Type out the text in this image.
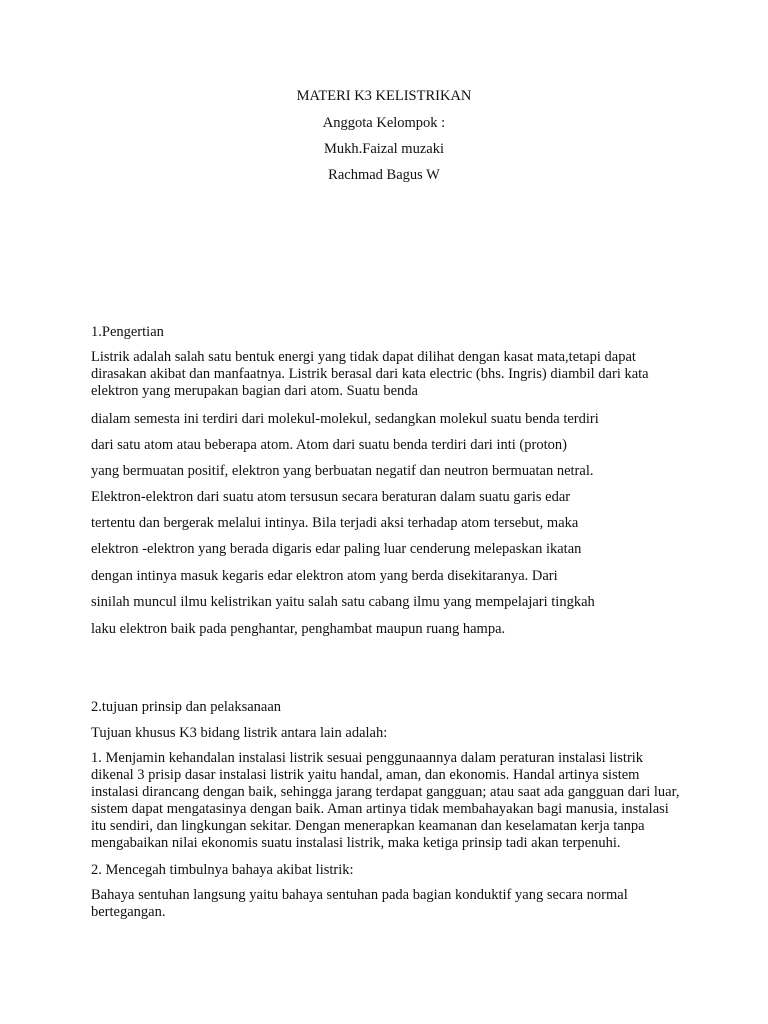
MATERI K3 KELISTRIKAN
Anggota Kelompok :
Mukh.Faizal muzaki
Rachmad Bagus W
1.Pengertian
Listrik adalah salah satu bentuk energi yang tidak dapat dilihat dengan kasat mata,tetapi dapat
dirasakan akibat dan manfaatnya. Listrik berasal dari kata electric (bhs. Ingris) diambil dari kata
elektron yang merupakan bagian dari atom. Suatu benda
dialam semesta ini terdiri dari molekul-molekul, sedangkan molekul suatu benda terdiri
dari satu atom atau beberapa atom. Atom dari suatu benda terdiri dari inti (proton)
yang bermuatan positif, elektron yang berbuatan negatif dan neutron bermuatan netral.
Elektron-elektron dari suatu atom tersusun secara beraturan dalam suatu garis edar
tertentu dan bergerak melalui intinya. Bila terjadi aksi terhadap atom tersebut, maka
elektron -elektron yang berada digaris edar paling luar cenderung melepaskan ikatan
dengan intinya masuk kegaris edar elektron atom yang berda disekitaranya. Dari
sinilah muncul ilmu kelistrikan yaitu salah satu cabang ilmu yang mempelajari tingkah
laku elektron baik pada penghantar, penghambat maupun ruang hampa.
2.tujuan prinsip dan pelaksanaan
Tujuan khusus K3 bidang listrik antara lain adalah:
1. Menjamin kehandalan instalasi listrik sesuai penggunaannya dalam peraturan instalasi listrik
dikenal 3 prisip dasar instalasi listrik yaitu handal, aman, dan ekonomis. Handal artinya sistem
instalasi dirancang dengan baik, sehingga jarang terdapat gangguan; atau saat ada gangguan dari luar,
sistem dapat mengatasinya dengan baik. Aman artinya tidak membahayakan bagi manusia, instalasi
itu sendiri, dan lingkungan sekitar. Dengan menerapkan keamanan dan keselamatan kerja tanpa
mengabaikan nilai ekonomis suatu instalasi listrik, maka ketiga prinsip tadi akan terpenuhi.
2. Mencegah timbulnya bahaya akibat listrik:
Bahaya sentuhan langsung yaitu bahaya sentuhan pada bagian konduktif yang secara normal
bertegangan.
